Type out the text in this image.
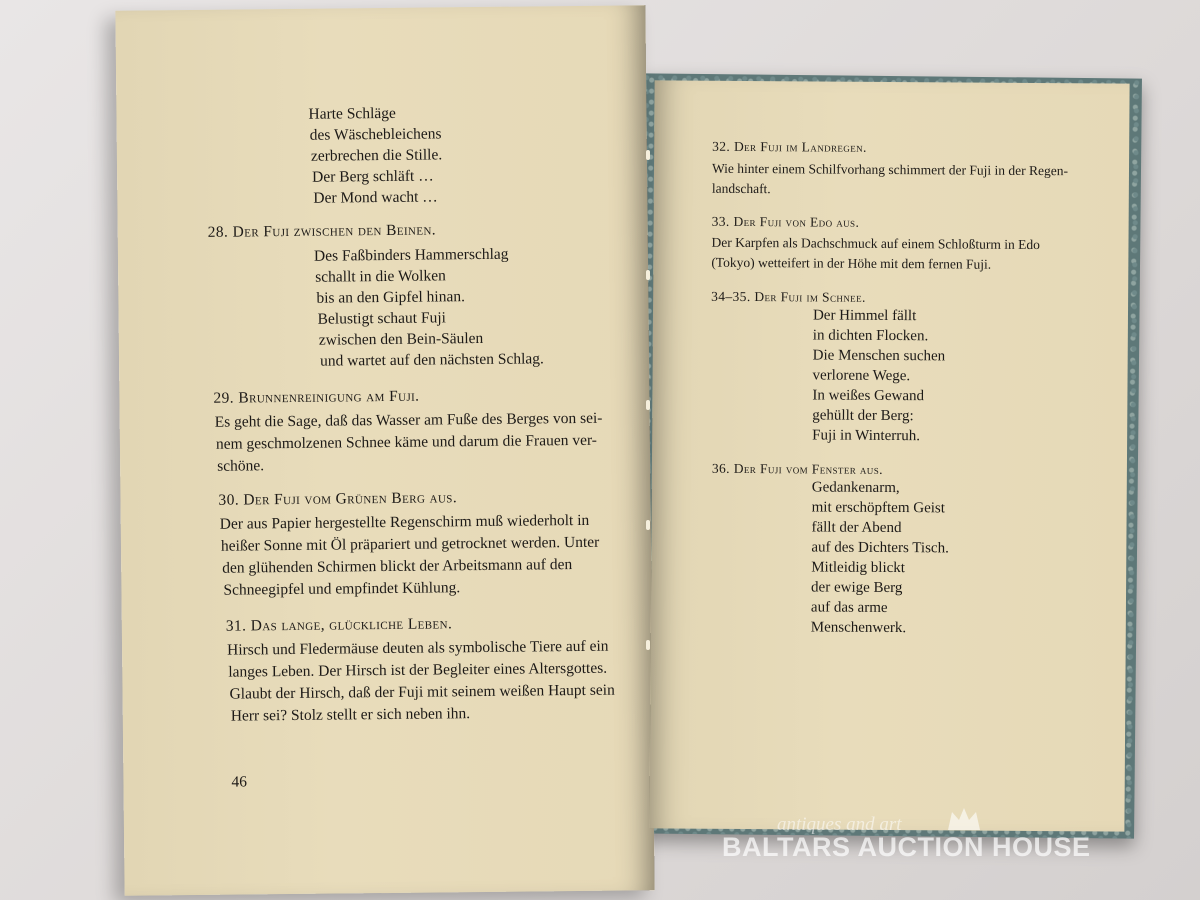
Harte Schläge
des Wäschebleichens
zerbrechen die Stille.
Der Berg schläft …
Der Mond wacht …
28. Der Fuji zwischen den Beinen.
Des Faßbinders Hammerschlag
schallt in die Wolken
bis an den Gipfel hinan.
Belustigt schaut Fuji
zwischen den Bein-Säulen
und wartet auf den nächsten Schlag.
29. Brunnenreinigung am Fuji.
Es geht die Sage, daß das Wasser am Fuße des Berges von sei-
nem geschmolzenen Schnee käme und darum die Frauen ver-
schöne.
30. Der Fuji vom Grünen Berg aus.
Der aus Papier hergestellte Regenschirm muß wiederholt in
heißer Sonne mit Öl präpariert und getrocknet werden. Unter
den glühenden Schirmen blickt der Arbeitsmann auf den
Schneegipfel und empfindet Kühlung.
31. Das lange, glückliche Leben.
Hirsch und Fledermäuse deuten als symbolische Tiere auf ein
langes Leben. Der Hirsch ist der Begleiter eines Altersgottes.
Glaubt der Hirsch, daß der Fuji mit seinem weißen Haupt sein
Herr sei? Stolz stellt er sich neben ihn.
46
32. Der Fuji im Landregen.
Wie hinter einem Schilfvorhang schimmert der Fuji in der Regen-
landschaft.
33. Der Fuji von Edo aus.
Der Karpfen als Dachschmuck auf einem Schloßturm in Edo
(Tokyo) wetteifert in der Höhe mit dem fernen Fuji.
34–35. Der Fuji im Schnee.
Der Himmel fällt
in dichten Flocken.
Die Menschen suchen
verlorene Wege.
In weißes Gewand
gehüllt der Berg:
Fuji in Winterruh.
36. Der Fuji vom Fenster aus.
Gedankenarm,
mit erschöpftem Geist
fällt der Abend
auf des Dichters Tisch.
Mitleidig blickt
der ewige Berg
auf das arme
Menschenwerk.
antiques and art
BALTARS AUCTION HOUSE
